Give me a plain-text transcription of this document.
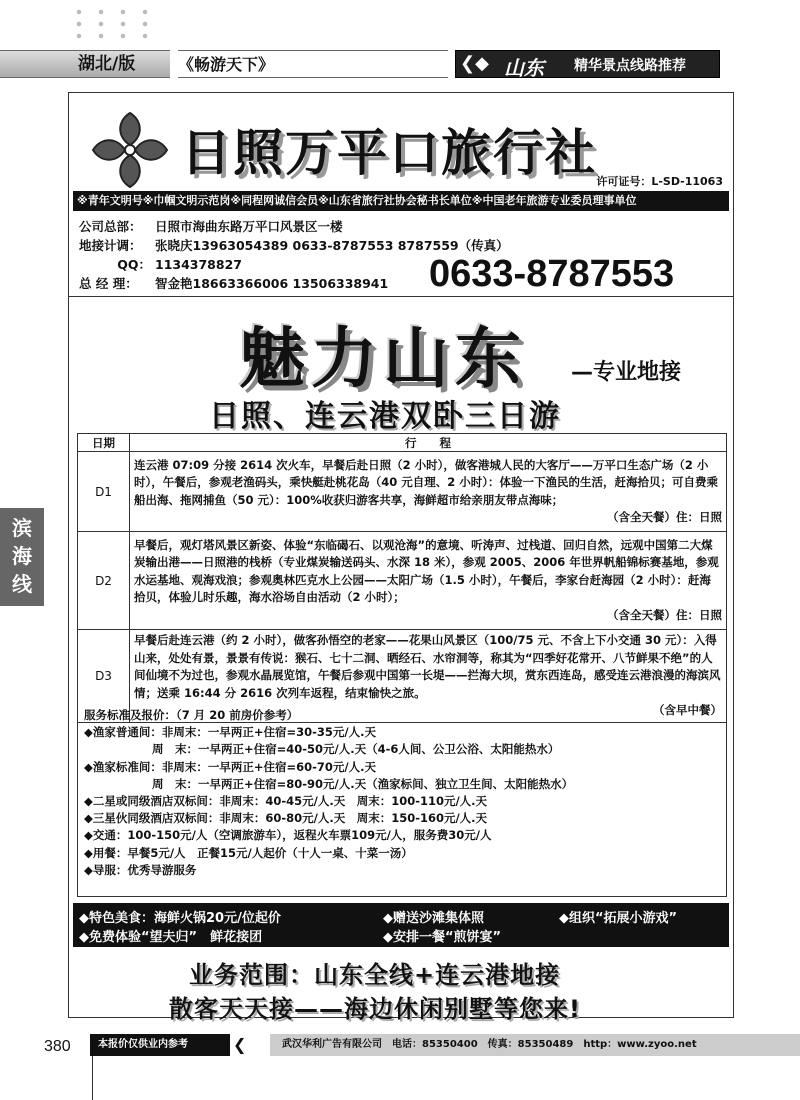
湖北/版	《畅游天下》	❮◆ 山东 精华景点线路推荐
滨海线
日照万平口旅行社 许可证号：L-SD-11063
※青年文明号※巾帼文明示范岗※同程网诚信会员※山东省旅行社协会秘书长单位※中国老年旅游专业委员理事单位
公司总部： 日照市海曲东路万平口风景区一楼
地接计调： 张晓庆13963054389 0633-8787553 8787559（传真）
QQ： 1134378827
总 经 理： 智金艳18663366006 13506338941	0633-8787553
魅力山东 —专业地接
日照、连云港双卧三日游
日期	行　　程
D1	连云港 07:09 分接 2614 次火车，早餐后赴日照（2 小时），做客港城人民的大客厅——万平口生态广场（2 小时），午餐后，参观老渔码头，乘快艇赴桃花岛（40 元自理、2 小时）：体验一下渔民的生活，赶海拾贝；可自费乘船出海、拖网捕鱼（50 元）：100%收获归游客共享，海鲜超市给亲朋友带点海味；
（含全天餐）住：日照

D2	早餐后，观灯塔风景区新姿、体验“东临碣石、以观沧海”的意境、听涛声、过栈道、回归自然，远观中国第二大煤炭输出港——日照港的栈桥（专业煤炭输送码头、水深 18 米），参观 2005、2006 年世界帆船锦标赛基地，参观水运基地、观海戏浪；参观奥林匹克水上公园——太阳广场（1.5 小时），午餐后，李家台赶海园（2 小时）：赶海拾贝，体验儿时乐趣，海水浴场自由活动（2 小时）；
（含全天餐）住：日照

D3	早餐后赴连云港（约 2 小时），做客孙悟空的老家——花果山风景区（100/75 元、不含上下小交通 30 元）：入得山来，处处有景，景景有传说：猴石、七十二洞、晒经石、水帘洞等，称其为“四季好花常开、八节鲜果不绝”的人间仙境不为过也，参观水晶展览馆，午餐后参观中国第一长堤——拦海大坝，赏东西连岛，感受连云港浪漫的海滨风情；送乘 16:44 分 2616 次列车返程，结束愉快之旅。
（含早中餐）
服务标准及报价：（7 月 20 前房价参考）
◆渔家普通间：非周末：一早两正+住宿=30-35元/人.天
周　末：一早两正+住宿=40-50元/人.天（4-6人间、公卫公浴、太阳能热水）
◆渔家标准间：非周末：一早两正+住宿=60-70元/人.天
周　末：一早两正+住宿=80-90元/人.天（渔家标间、独立卫生间、太阳能热水）
◆二星或同级酒店双标间：非周末：40-45元/人.天　周末：100-110元/人.天
◆三星伙同级酒店双标间：非周末：60-80元/人.天　周末：150-160元/人.天
◆交通：100-150元/人（空调旅游车），返程火车票109元/人，服务费30元/人
◆用餐：早餐5元/人　正餐15元/人起价（十人一桌、十菜一汤）
◆导服：优秀导游服务
◆特色美食：海鲜火锅20元/位起价	◆赠送沙滩集体照	◆组织“拓展小游戏”
◆免费体验“望夫归”　鲜花接团	◆安排一餐“煎饼宴”
业务范围：山东全线+连云港地接
散客天天接——海边休闲别墅等您来!
380	本报价仅供业内参考	❮	武汉华利广告有限公司　电话：85350400　传真：85350489　http：www.zyoo.net
